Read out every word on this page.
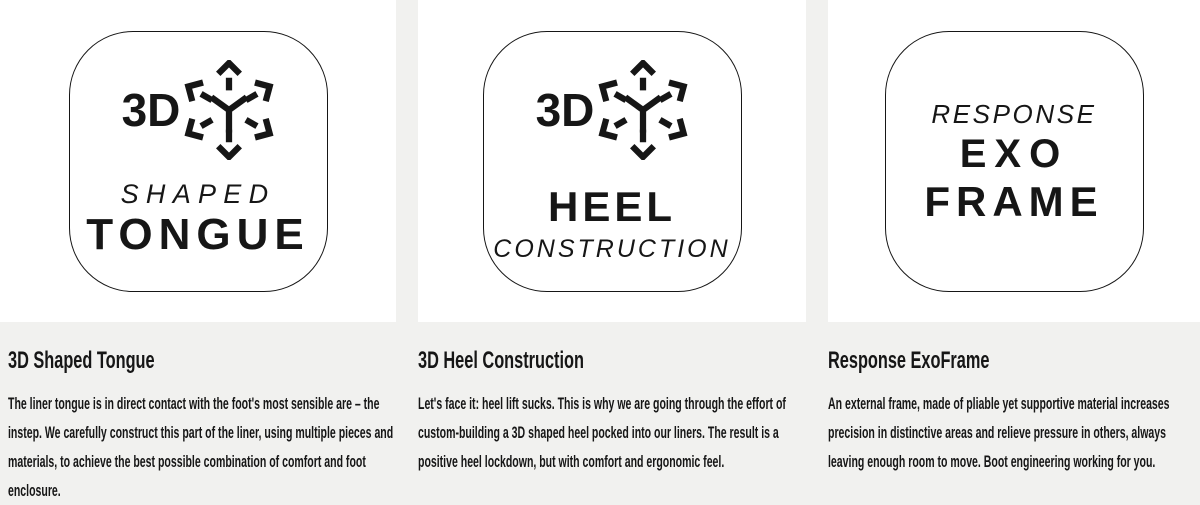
3D
SHAPED
TONGUE
3D Shaped Tongue

The liner tongue is in direct contact with the foot's most sensible are – the instep. We carefully construct this part of the liner, using multiple pieces and materials, to achieve the best possible combination of comfort and foot enclosure.

3D
HEEL
CONSTRUCTION
3D Heel Construction

Let's face it: heel lift sucks. This is why we are going through the effort of custom-building a 3D shaped heel pocked into our liners. The result is a positive heel lockdown, but with comfort and ergonomic feel.

RESPONSE
EXO
FRAME
Response ExoFrame

An external frame, made of pliable yet supportive material increases precision in distinctive areas and relieve pressure in others, always leaving enough room to move. Boot engineering working for you.
